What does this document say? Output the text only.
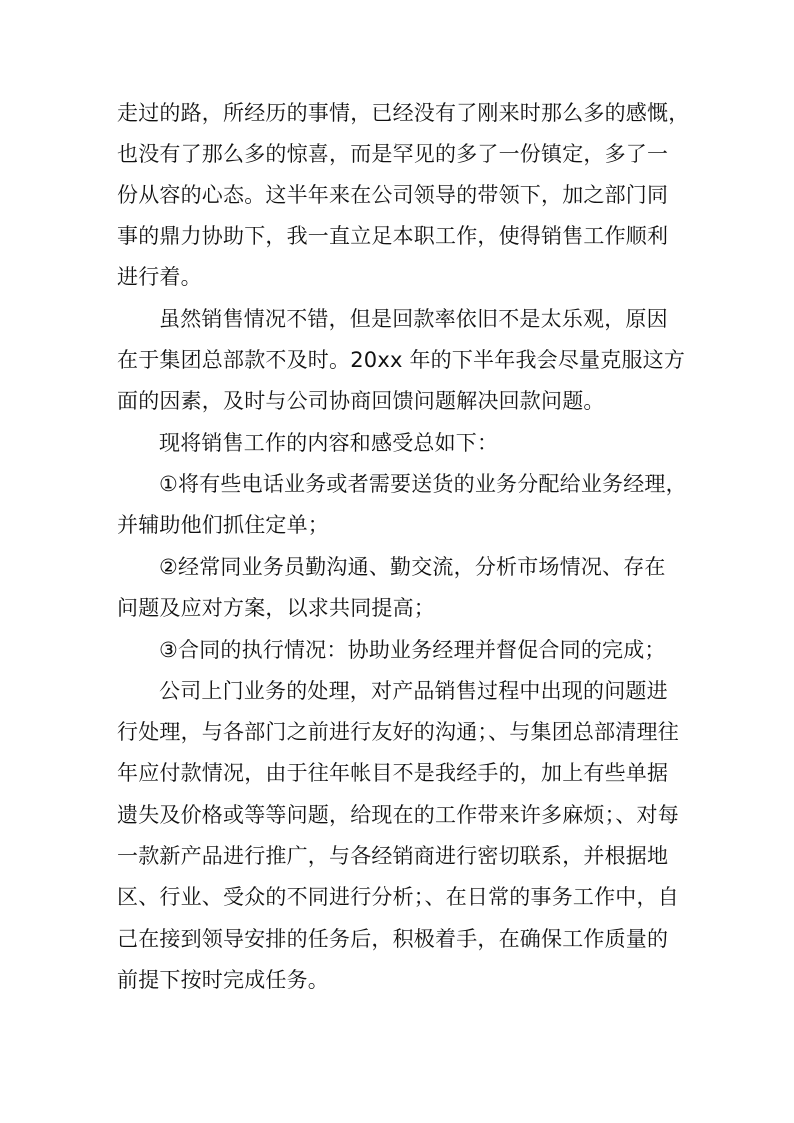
走过的路，所经历的事情，已经没有了刚来时那么多的感慨，
也没有了那么多的惊喜，而是罕见的多了一份镇定，多了一
份从容的心态。这半年来在公司领导的带领下，加之部门同
事的鼎力协助下，我一直立足本职工作，使得销售工作顺利
进行着。
虽然销售情况不错，但是回款率依旧不是太乐观，原因
在于集团总部款不及时。20xx 年的下半年我会尽量克服这方
面的因素，及时与公司协商回馈问题解决回款问题。
现将销售工作的内容和感受总如下：
①将有些电话业务或者需要送货的业务分配给业务经理，
并辅助他们抓住定单；
②经常同业务员勤沟通、勤交流，分析市场情况、存在
问题及应对方案，以求共同提高；
③合同的执行情况：协助业务经理并督促合同的完成；
公司上门业务的处理，对产品销售过程中出现的问题进
行处理，与各部门之前进行友好的沟通；、与集团总部清理往
年应付款情况，由于往年帐目不是我经手的，加上有些单据
遗失及价格或等等问题，给现在的工作带来许多麻烦；、对每
一款新产品进行推广，与各经销商进行密切联系，并根据地
区、行业、受众的不同进行分析；、在日常的事务工作中，自
己在接到领导安排的任务后，积极着手，在确保工作质量的
前提下按时完成任务。
